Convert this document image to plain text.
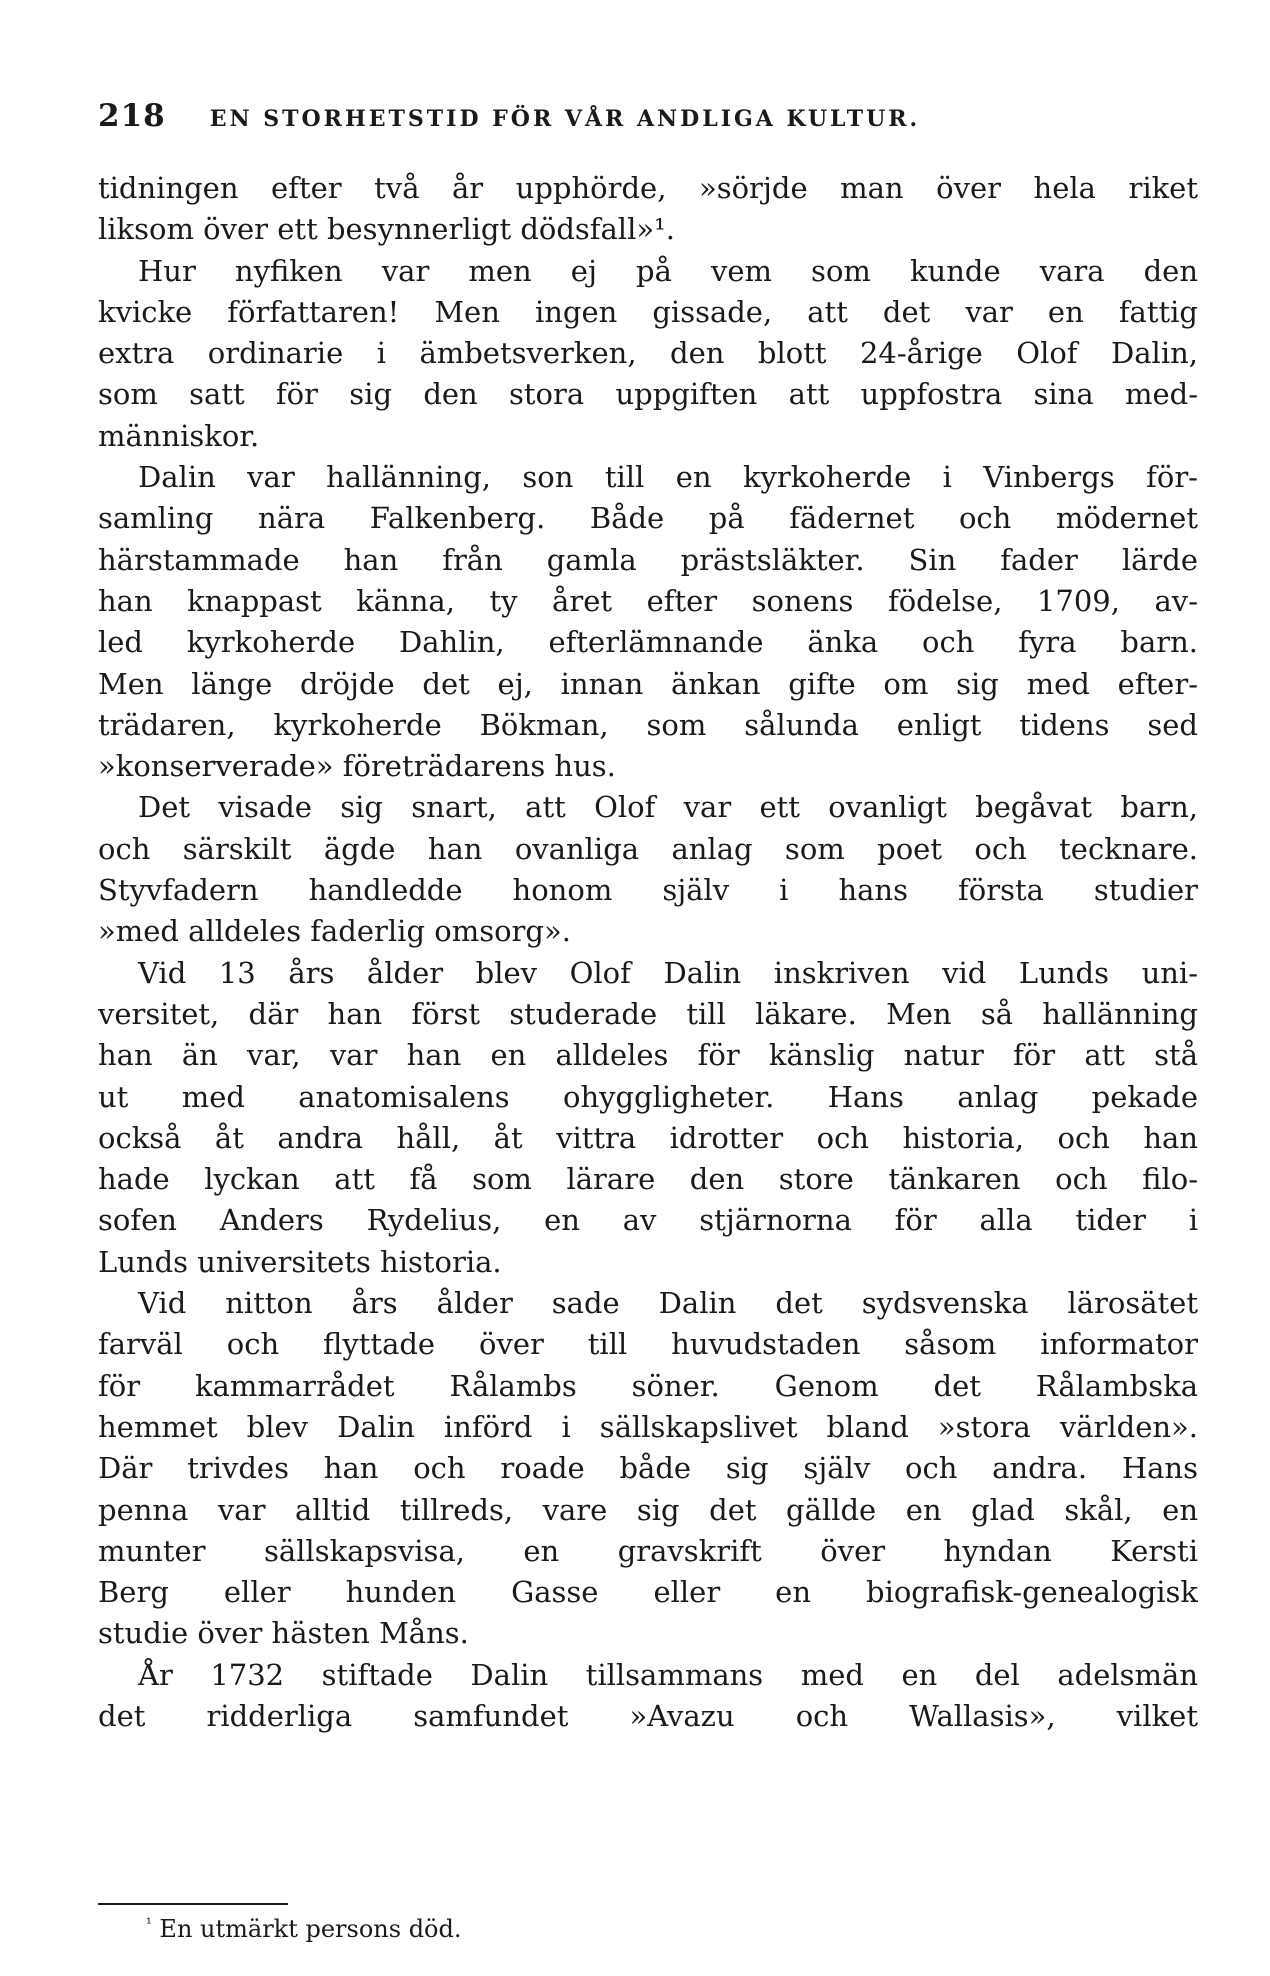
218 EN STORHETSTID FÖR VÅR ANDLIGA KULTUR.
tidningen efter två år upphörde, »sörjde man över hela riket
liksom över ett besynnerligt dödsfall»¹.
Hur nyfiken var men ej på vem som kunde vara den
kvicke författaren! Men ingen gissade, att det var en fattig
extra ordinarie i ämbetsverken, den blott 24-årige Olof Dalin,
som satt för sig den stora uppgiften att uppfostra sina med-
människor.
Dalin var hallänning, son till en kyrkoherde i Vinbergs för-
samling nära Falkenberg. Både på fädernet och mödernet
härstammade han från gamla prästsläkter. Sin fader lärde
han knappast känna, ty året efter sonens födelse, 1709, av-
led kyrkoherde Dahlin, efterlämnande änka och fyra barn.
Men länge dröjde det ej, innan änkan gifte om sig med efter-
trädaren, kyrkoherde Bökman, som sålunda enligt tidens sed
»konserverade» företrädarens hus.
Det visade sig snart, att Olof var ett ovanligt begåvat barn,
och särskilt ägde han ovanliga anlag som poet och tecknare.
Styvfadern handledde honom själv i hans första studier
»med alldeles faderlig omsorg».
Vid 13 års ålder blev Olof Dalin inskriven vid Lunds uni-
versitet, där han först studerade till läkare. Men så hallänning
han än var, var han en alldeles för känslig natur för att stå
ut med anatomisalens ohyggligheter. Hans anlag pekade
också åt andra håll, åt vittra idrotter och historia, och han
hade lyckan att få som lärare den store tänkaren och filo-
sofen Anders Rydelius, en av stjärnorna för alla tider i
Lunds universitets historia.
Vid nitton års ålder sade Dalin det sydsvenska lärosätet
farväl och flyttade över till huvudstaden såsom informator
för kammarrådet Rålambs söner. Genom det Rålambska
hemmet blev Dalin införd i sällskapslivet bland »stora världen».
Där trivdes han och roade både sig själv och andra. Hans
penna var alltid tillreds, vare sig det gällde en glad skål, en
munter sällskapsvisa, en gravskrift över hyndan Kersti
Berg eller hunden Gasse eller en biografisk-genealogisk
studie över hästen Måns.
År 1732 stiftade Dalin tillsammans med en del adelsmän
det ridderliga samfundet »Avazu och Wallasis», vilket
$^{^1}$ En utmärkt persons död.
